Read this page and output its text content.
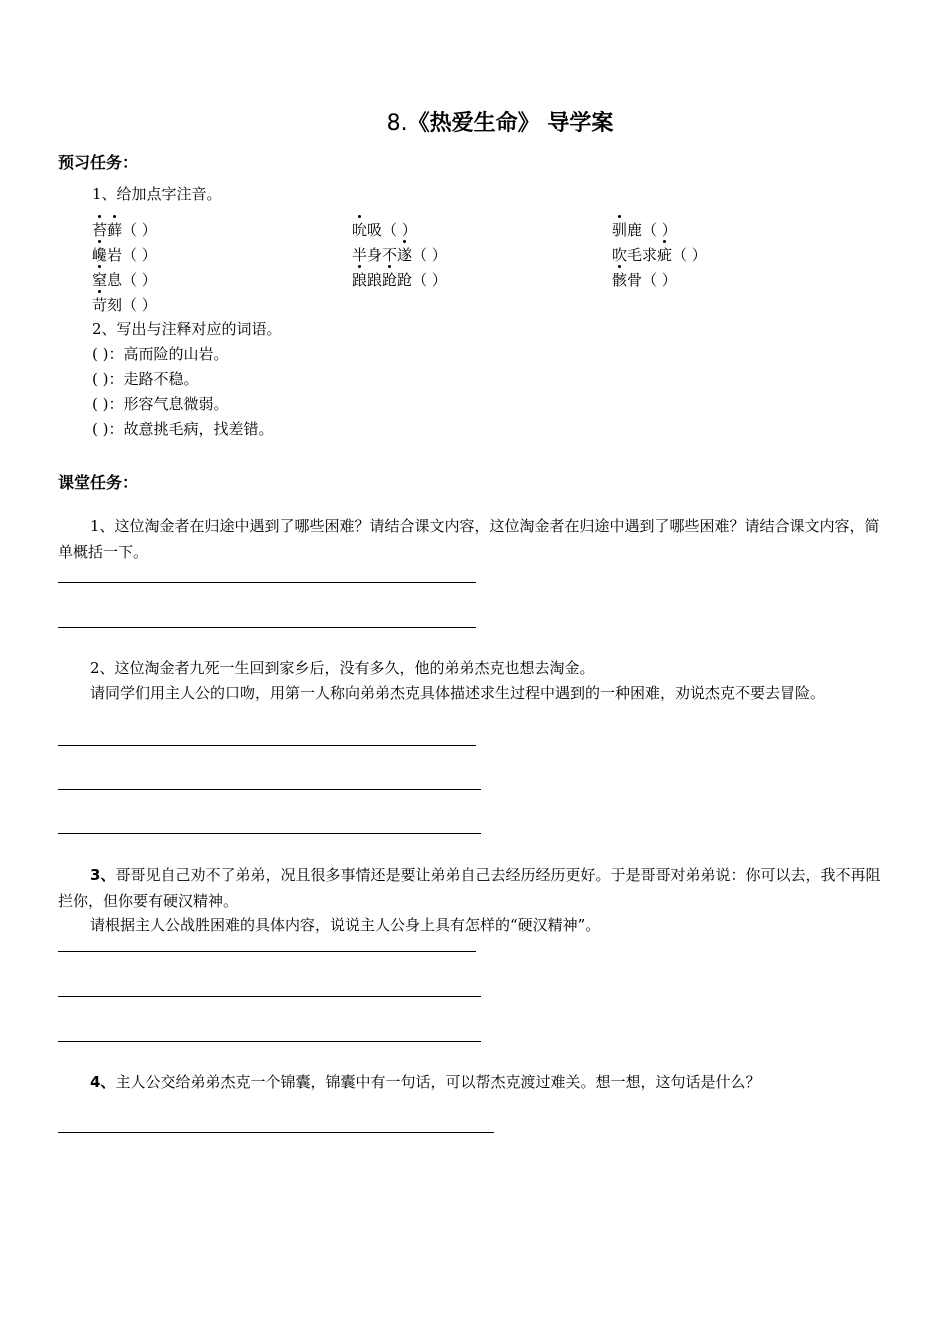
8.《热爱生命》 导学案
预习任务：
1、给加点字注音。
苔藓（ ）	吮吸（ ）	驯鹿（ ）
巉岩（ ）	半身不遂（ ）	吹毛求疵（ ）
窒息（ ）	踉踉跄跄（ ）	骸骨（ ）
苛刻（ ）
2、写出与注释对应的词语。
( )：高而险的山岩。
( )：走路不稳。
( )：形容气息微弱。
( )：故意挑毛病，找差错。
课堂任务：
1、这位淘金者在归途中遇到了哪些困难？请结合课文内容，这位淘金者在归途中遇到了哪些困难？请结合课文内容，简单概括一下。
2、这位淘金者九死一生回到家乡后，没有多久，他的弟弟杰克也想去淘金。
请同学们用主人公的口吻，用第一人称向弟弟杰克具体描述求生过程中遇到的一种困难，劝说杰克不要去冒险。
3、哥哥见自己劝不了弟弟，况且很多事情还是要让弟弟自己去经历经历更好。于是哥哥对弟弟说：你可以去，我不再阻拦你，但你要有硬汉精神。
请根据主人公战胜困难的具体内容，说说主人公身上具有怎样的“硬汉精神”。
4、主人公交给弟弟杰克一个锦囊，锦囊中有一句话，可以帮杰克渡过难关。想一想，这句话是什么？
